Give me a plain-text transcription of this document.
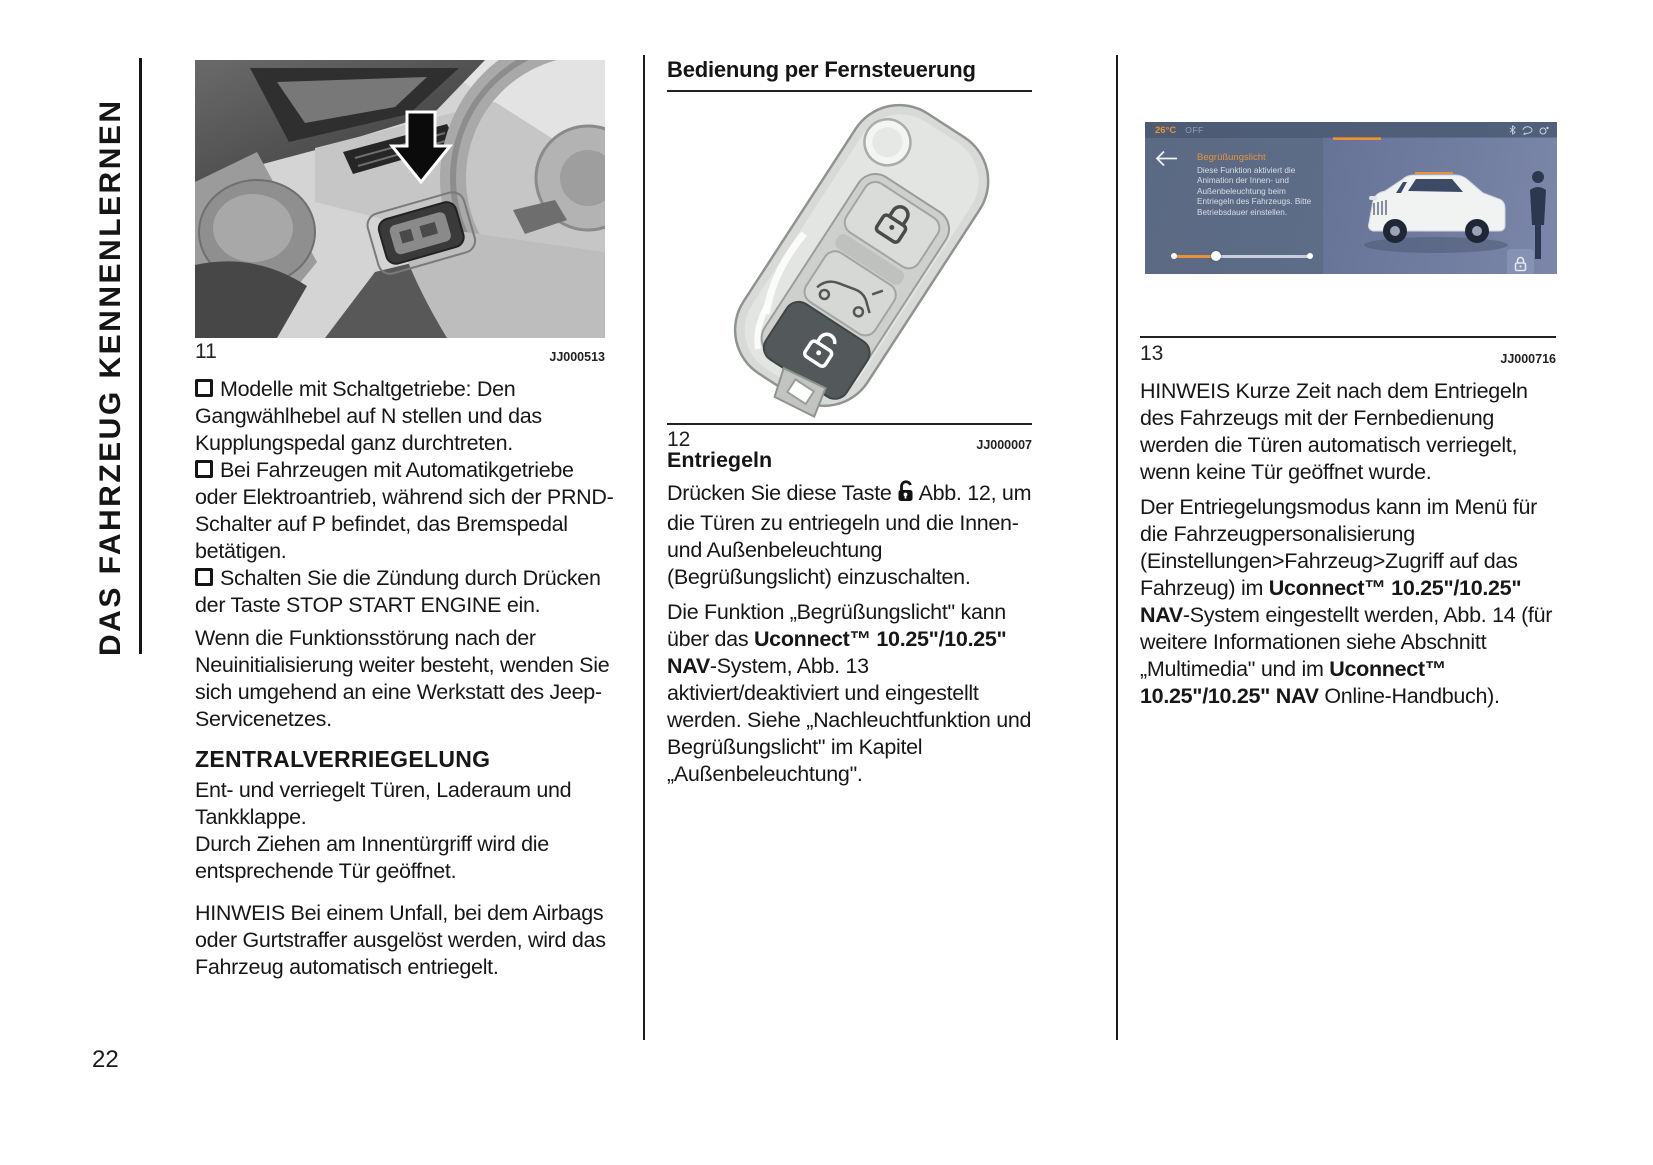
DAS FAHRZEUG KENNENLERNEN	11	JJ000513

Modelle mit Schaltgetriebe: Den Gangwählhebel auf N stellen und das Kupplungspedal ganz durchtreten.

Bei Fahrzeugen mit Automatikgetriebe oder Elektroantrieb, während sich der PRND-Schalter auf P befindet, das Bremspedal betätigen.

Schalten Sie die Zündung durch Drücken der Taste STOP START ENGINE ein.

Wenn die Funktionsstörung nach der Neuinitialisierung weiter besteht, wenden Sie sich umgehend an eine Werkstatt des Jeep-Servicenetzes.

ZENTRALVERRIEGELUNG

Ent- und verriegelt Türen, Laderaum und Tankklappe.

Durch Ziehen am Innentürgriff wird die entsprechende Tür geöffnet.

HINWEIS Bei einem Unfall, bei dem Airbags oder Gurtstraffer ausgelöst werden, wird das Fahrzeug automatisch entriegelt.

Bedienung per Fernsteuerung
12	JJ000007
Entriegeln

Drücken Sie diese Taste Abb. 12, um die Türen zu entriegeln und die Innen- und Außenbeleuchtung (Begrüßungslicht) einzuschalten.

Die Funktion „Begrüßungslicht" kann über das Uconnect™ 10.25"/10.25" NAV-System, Abb. 13 aktiviert/deaktiviert und eingestellt werden. Siehe „Nachleuchtfunktion und Begrüßungslicht" im Kapitel „Außenbeleuchtung".

26°C OFF
Begrüßungslicht
Diese Funktion aktiviert die Animation der Innen- und Außenbeleuchtung beim Entriegeln des Fahrzeugs. Bitte Betriebsdauer einstellen.
13	JJ000716

HINWEIS Kurze Zeit nach dem Entriegeln des Fahrzeugs mit der Fernbedienung werden die Türen automatisch verriegelt, wenn keine Tür geöffnet wurde.

Der Entriegelungsmodus kann im Menü für die Fahrzeugpersonalisierung (Einstellungen>Fahrzeug>Zugriff auf das Fahrzeug) im Uconnect™ 10.25"/10.25" NAV-System eingestellt werden, Abb. 14 (für weitere Informationen siehe Abschnitt „Multimedia" und im Uconnect™ 10.25"/10.25" NAV Online-Handbuch).

22
